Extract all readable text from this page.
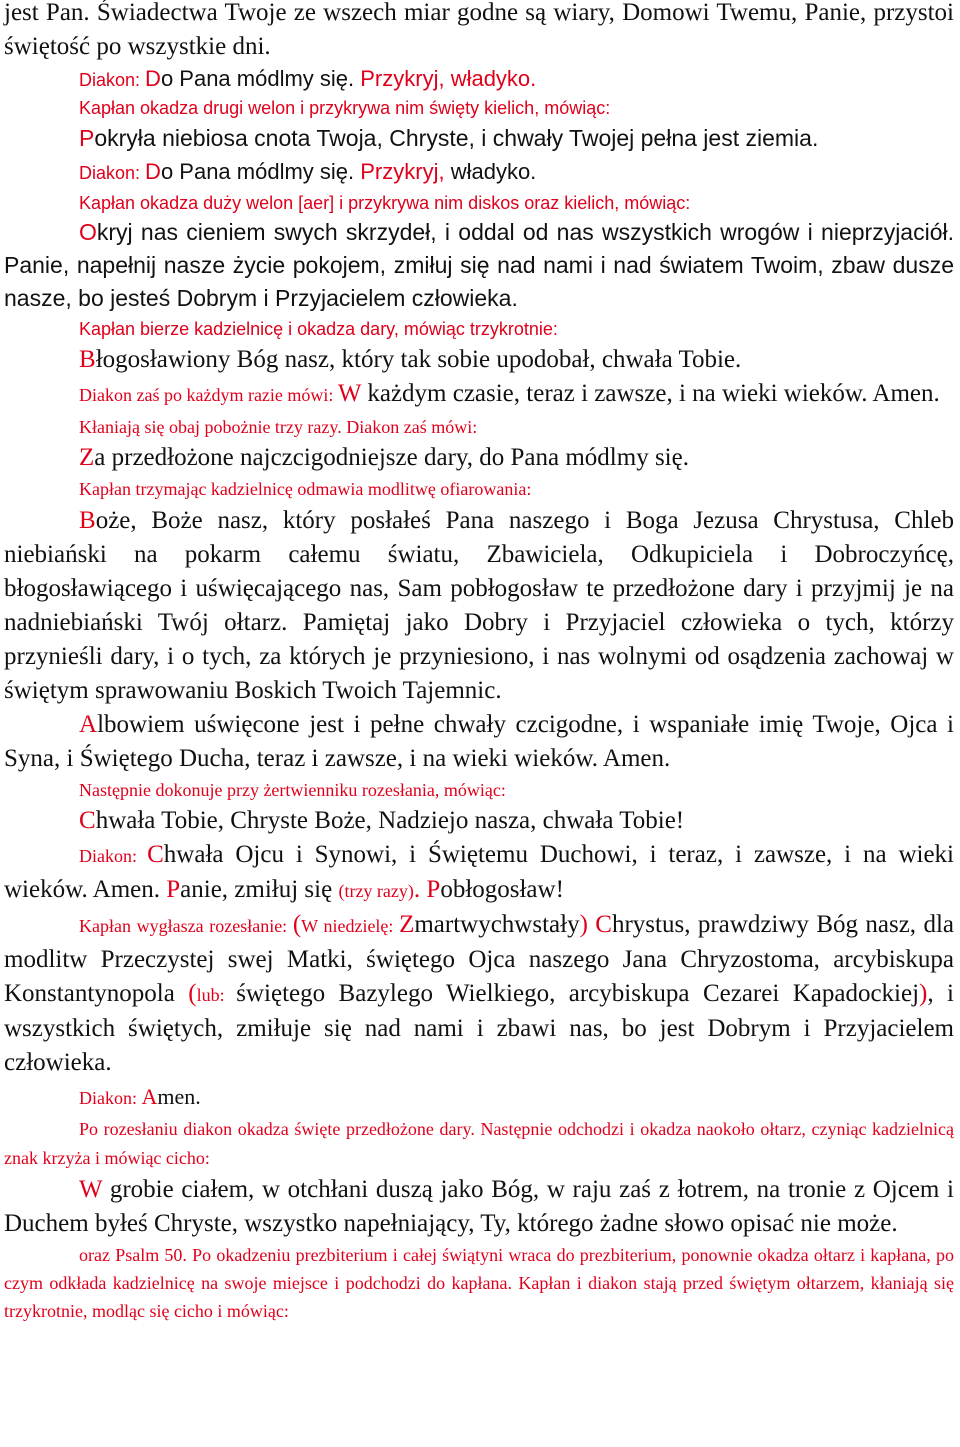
jest Pan. Świadectwa Twoje ze wszech miar godne są wiary, Domowi Twemu, Panie, przystoi świętość po wszystkie dni.

Diakon: Do Pana módlmy się. Przykryj, władyko.

Kapłan okadza drugi welon i przykrywa nim święty kielich, mówiąc:

Pokryła niebiosa cnota Twoja, Chryste, i chwały Twojej pełna jest ziemia.

Diakon: Do Pana módlmy się. Przykryj, władyko.

Kapłan okadza duży welon [aer] i przykrywa nim diskos oraz kielich, mówiąc:

Okryj nas cieniem swych skrzydeł, i oddal od nas wszystkich wrogów i nieprzyjaciół. Panie, napełnij nasze życie pokojem, zmiłuj się nad nami i nad światem Twoim, zbaw dusze nasze, bo jesteś Dobrym i Przyjacielem człowieka.

Kapłan bierze kadzielnicę i okadza dary, mówiąc trzykrotnie:

Błogosławiony Bóg nasz, który tak sobie upodobał, chwała Tobie.

Diakon zaś po każdym razie mówi: W każdym czasie, teraz i zawsze, i na wieki wieków. Amen.

Kłaniają się obaj pobożnie trzy razy. Diakon zaś mówi:

Za przedłożone najczcigodniejsze dary, do Pana módlmy się.

Kapłan trzymając kadzielnicę odmawia modlitwę ofiarowania:

Boże, Boże nasz, który posłałeś Pana naszego i Boga Jezusa Chrystusa, Chleb niebiański na pokarm całemu światu, Zbawiciela, Odkupiciela i Dobroczyńcę, błogosławiącego i uświęcającego nas, Sam pobłogosław te przedłożone dary i przyjmij je na nadniebiański Twój ołtarz. Pamiętaj jako Dobry i Przyjaciel człowieka o tych, którzy przynieśli dary, i o tych, za których je przyniesiono, i nas wolnymi od osądzenia zachowaj w świętym sprawowaniu Boskich Twoich Tajemnic.

Albowiem uświęcone jest i pełne chwały czcigodne, i wspaniałe imię Twoje, Ojca i Syna, i Świętego Ducha, teraz i zawsze, i na wieki wieków. Amen.

Następnie dokonuje przy żertwienniku rozesłania, mówiąc:

Chwała Tobie, Chryste Boże, Nadziejo nasza, chwała Tobie!

Diakon: Chwała Ojcu i Synowi, i Świętemu Duchowi, i teraz, i zawsze, i na wieki wieków. Amen. Panie, zmiłuj się (trzy razy). Pobłogosław!

Kapłan wygłasza rozesłanie: (W niedzielę: Zmartwychwstały) Chrystus, prawdziwy Bóg nasz, dla modlitw Przeczystej swej Matki, świętego Ojca naszego Jana Chryzostoma, arcybiskupa Konstantynopola (lub: świętego Bazylego Wielkiego, arcybiskupa Cezarei Kapadockiej), i wszystkich świętych, zmiłuje się nad nami i zbawi nas, bo jest Dobrym i Przyjacielem człowieka.

Diakon: Amen.

Po rozesłaniu diakon okadza święte przedłożone dary. Następnie odchodzi i okadza naokoło ołtarz, czyniąc kadzielnicą znak krzyża i mówiąc cicho:

W grobie ciałem, w otchłani duszą jako Bóg, w raju zaś z łotrem, na tronie z Ojcem i Duchem byłeś Chryste, wszystko napełniający, Ty, którego żadne słowo opisać nie może.

oraz Psalm 50. Po okadzeniu prezbiterium i całej świątyni wraca do prezbiterium, ponownie okadza ołtarz i kapłana, po czym odkłada kadzielnicę na swoje miejsce i podchodzi do kapłana. Kapłan i diakon stają przed świętym ołtarzem, kłaniają się trzykrotnie, modląc się cicho i mówiąc:
